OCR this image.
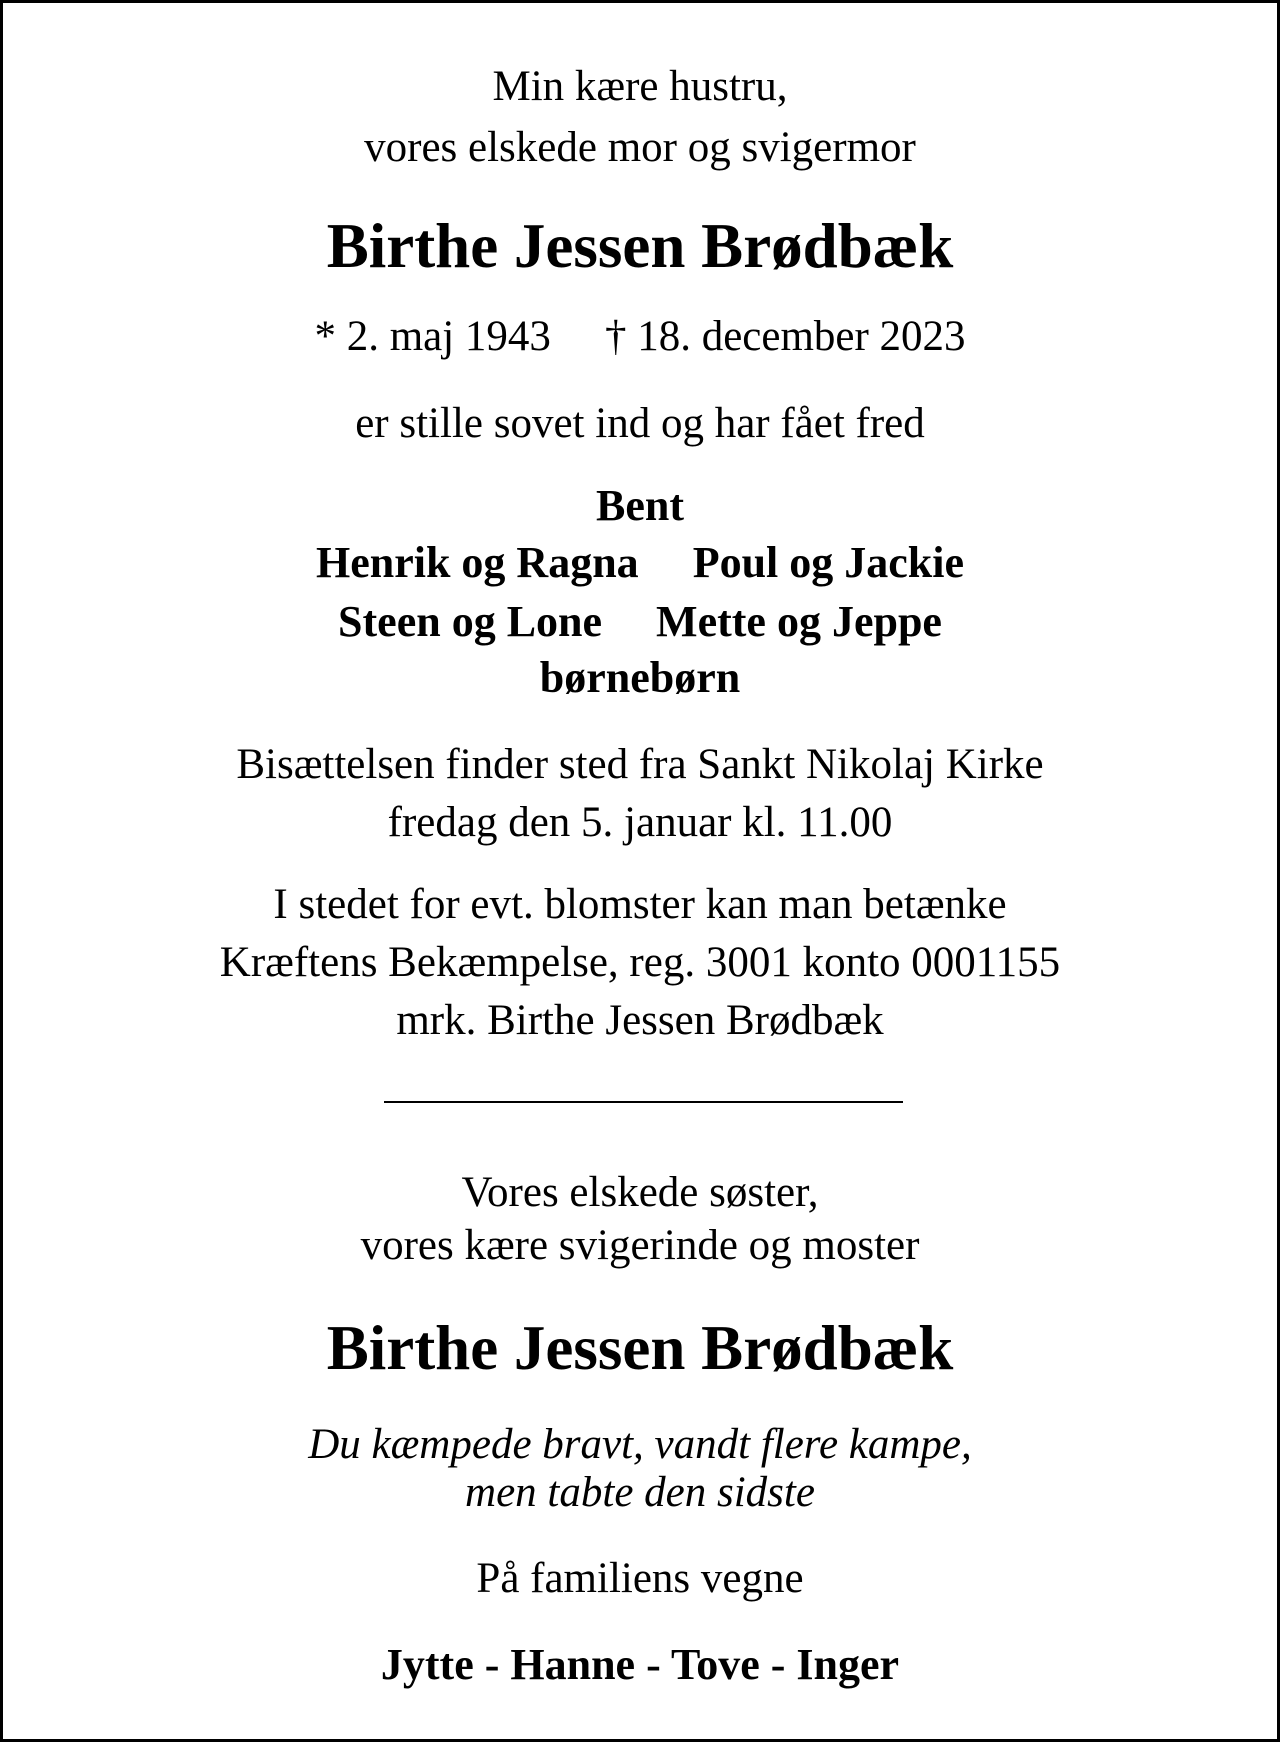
Min kære hustru,
vores elskede mor og svigermor
Birthe Jessen Brødbæk
* 2. maj 1943 † 18. december 2023
er stille sovet ind og har fået fred
Bent
Henrik og Ragna Poul og Jackie
Steen og Lone Mette og Jeppe
børnebørn
Bisættelsen finder sted fra Sankt Nikolaj Kirke
fredag den 5. januar kl. 11.00
I stedet for evt. blomster kan man betænke
Kræftens Bekæmpelse, reg. 3001 konto 0001155
mrk. Birthe Jessen Brødbæk
Vores elskede søster,
vores kære svigerinde og moster
Birthe Jessen Brødbæk
Du kæmpede bravt, vandt flere kampe,
men tabte den sidste
På familiens vegne
Jytte - Hanne - Tove - Inger
